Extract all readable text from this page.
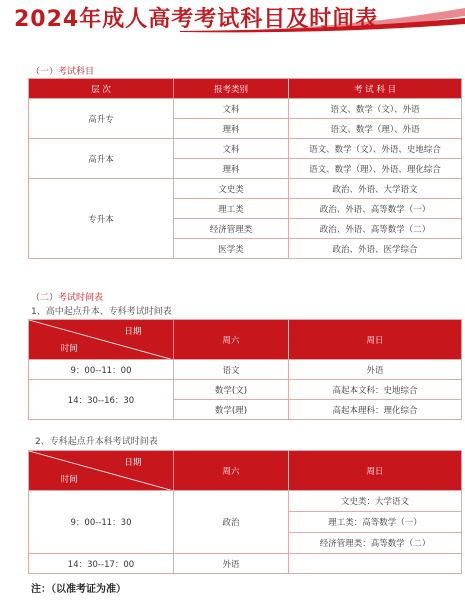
2024年成人高考考试科目及时间表
（一）考试科目
层 次	报考类别	考 试 科 目
高升专	文科	语文、数学（文）、外语
	理科	语文、数学（理）、外语
高升本	文科	语文、数学（文）、外语、史地综合
	理科	语文、数学（理）、外语、理化综合
专升本	文史类	政治、外语、大学语文
	理工类	政治、外语、高等数学（一）
	经济管理类	政治、外语、高等数学（二）
	医学类	政治、外语、医学综合
（二）考试时间表
1、高中起点升本、专科考试时间表
日期
时间	周六	周日
9：00--11：00	语文	外语
14：30--16：30	数学(文)	高起本文科：史地综合
	数学(理)	高起本理科：理化综合
2、专科起点升本科考试时间表
日期
时间	周六	周日
9：00--11：30	政治	文史类：大学语文
		理工类：高等数学（一）
		经济管理类：高等数学（二）
14：30--17：00	外语	
注：（以准考证为准）
